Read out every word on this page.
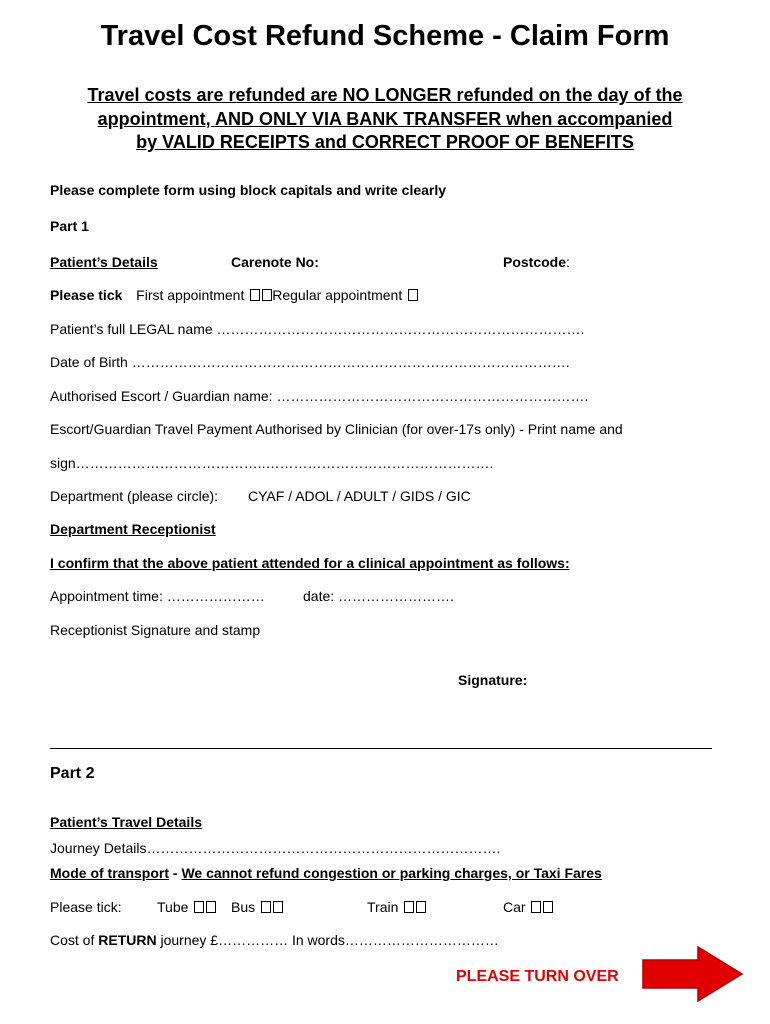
Travel Cost Refund Scheme - Claim Form
Travel costs are refunded are NO LONGER refunded on the day of the
appointment, AND ONLY VIA BANK TRANSFER when accompanied
by VALID RECEIPTS and CORRECT PROOF OF BENEFITS
Please complete form using block capitals and write clearly
Part 1
Patient’s Details	Carenote No:	Postcode:
Please tick First appointment Regular appointment
Patient’s full LEGAL name …………………………………………………………………….
Date of Birth ………………………………………………………………………………….
Authorised Escort / Guardian name: ………………………………………………………….
Escort/Guardian Travel Payment Authorised by Clinician (for over-17s only) - Print name and
sign…………………………………..………………………………………….
Department (please circle): CYAF / ADOL / ADULT / GIDS / GIC
Department Receptionist
I confirm that the above patient attended for a clinical appointment as follows:
Appointment time: …………………	date: …………………….
Receptionist Signature and stamp
Signature:
Part 2
Patient’s Travel Details
Journey Details………………………………………………………………….
Mode of transport - We cannot refund congestion or parking charges, or Taxi Fares
Please tick:	Tube	Bus	Train	Car
Cost of RETURN journey £…………… In words……………………………
PLEASE TURN OVER
